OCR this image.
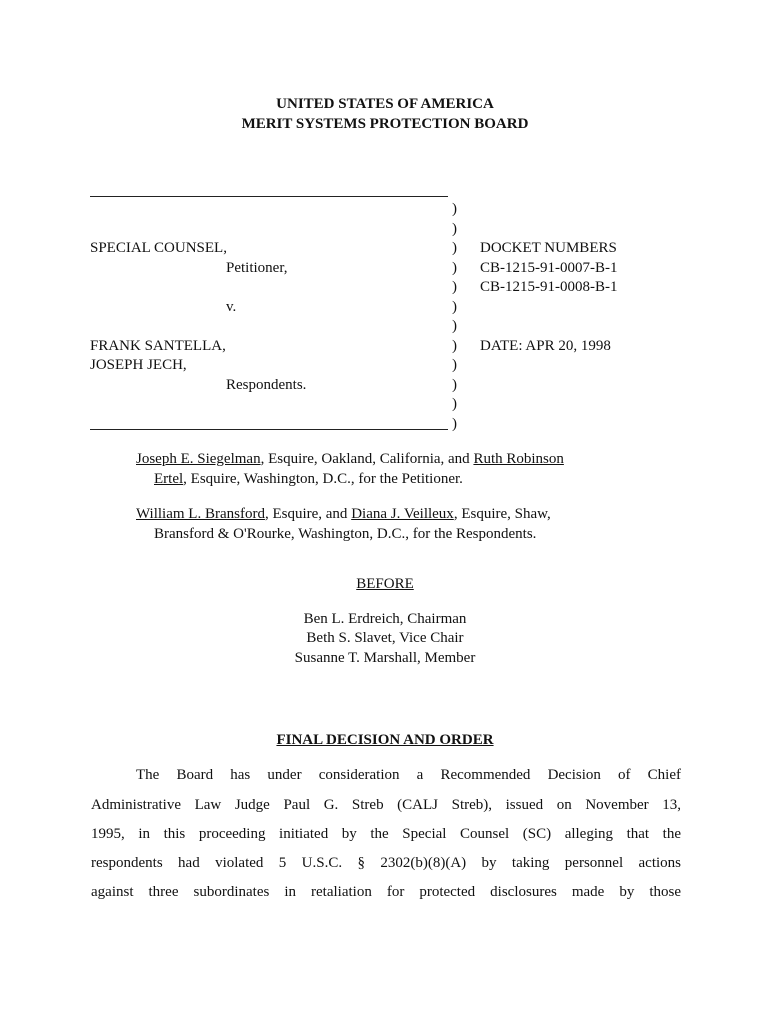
UNITED STATES OF AMERICA
MERIT SYSTEMS PROTECTION BOARD
)
)
)
)
)
)
)
)
)
)
)
)
SPECIAL COUNSEL,
Petitioner,
v.
FRANK SANTELLA,
JOSEPH JECH,
Respondents.
DOCKET NUMBERS
CB-1215-91-0007-B-1
CB-1215-91-0008-B-1
DATE: APR 20, 1998
Joseph E. Siegelman, Esquire, Oakland, California, and Ruth Robinson
Ertel, Esquire, Washington, D.C., for the Petitioner.
William L. Bransford, Esquire, and Diana J. Veilleux, Esquire, Shaw,
Bransford & O'Rourke, Washington, D.C., for the Respondents.
BEFORE
Ben L. Erdreich, Chairman
Beth S. Slavet, Vice Chair
Susanne T. Marshall, Member
FINAL DECISION AND ORDER
The Board has under consideration a Recommended Decision of Chief
Administrative Law Judge Paul G. Streb (CALJ Streb), issued on November 13,
1995, in this proceeding initiated by the Special Counsel (SC) alleging that the
respondents had violated 5 U.S.C. § 2302(b)(8)(A) by taking personnel actions
against three subordinates in retaliation for protected disclosures made by those
